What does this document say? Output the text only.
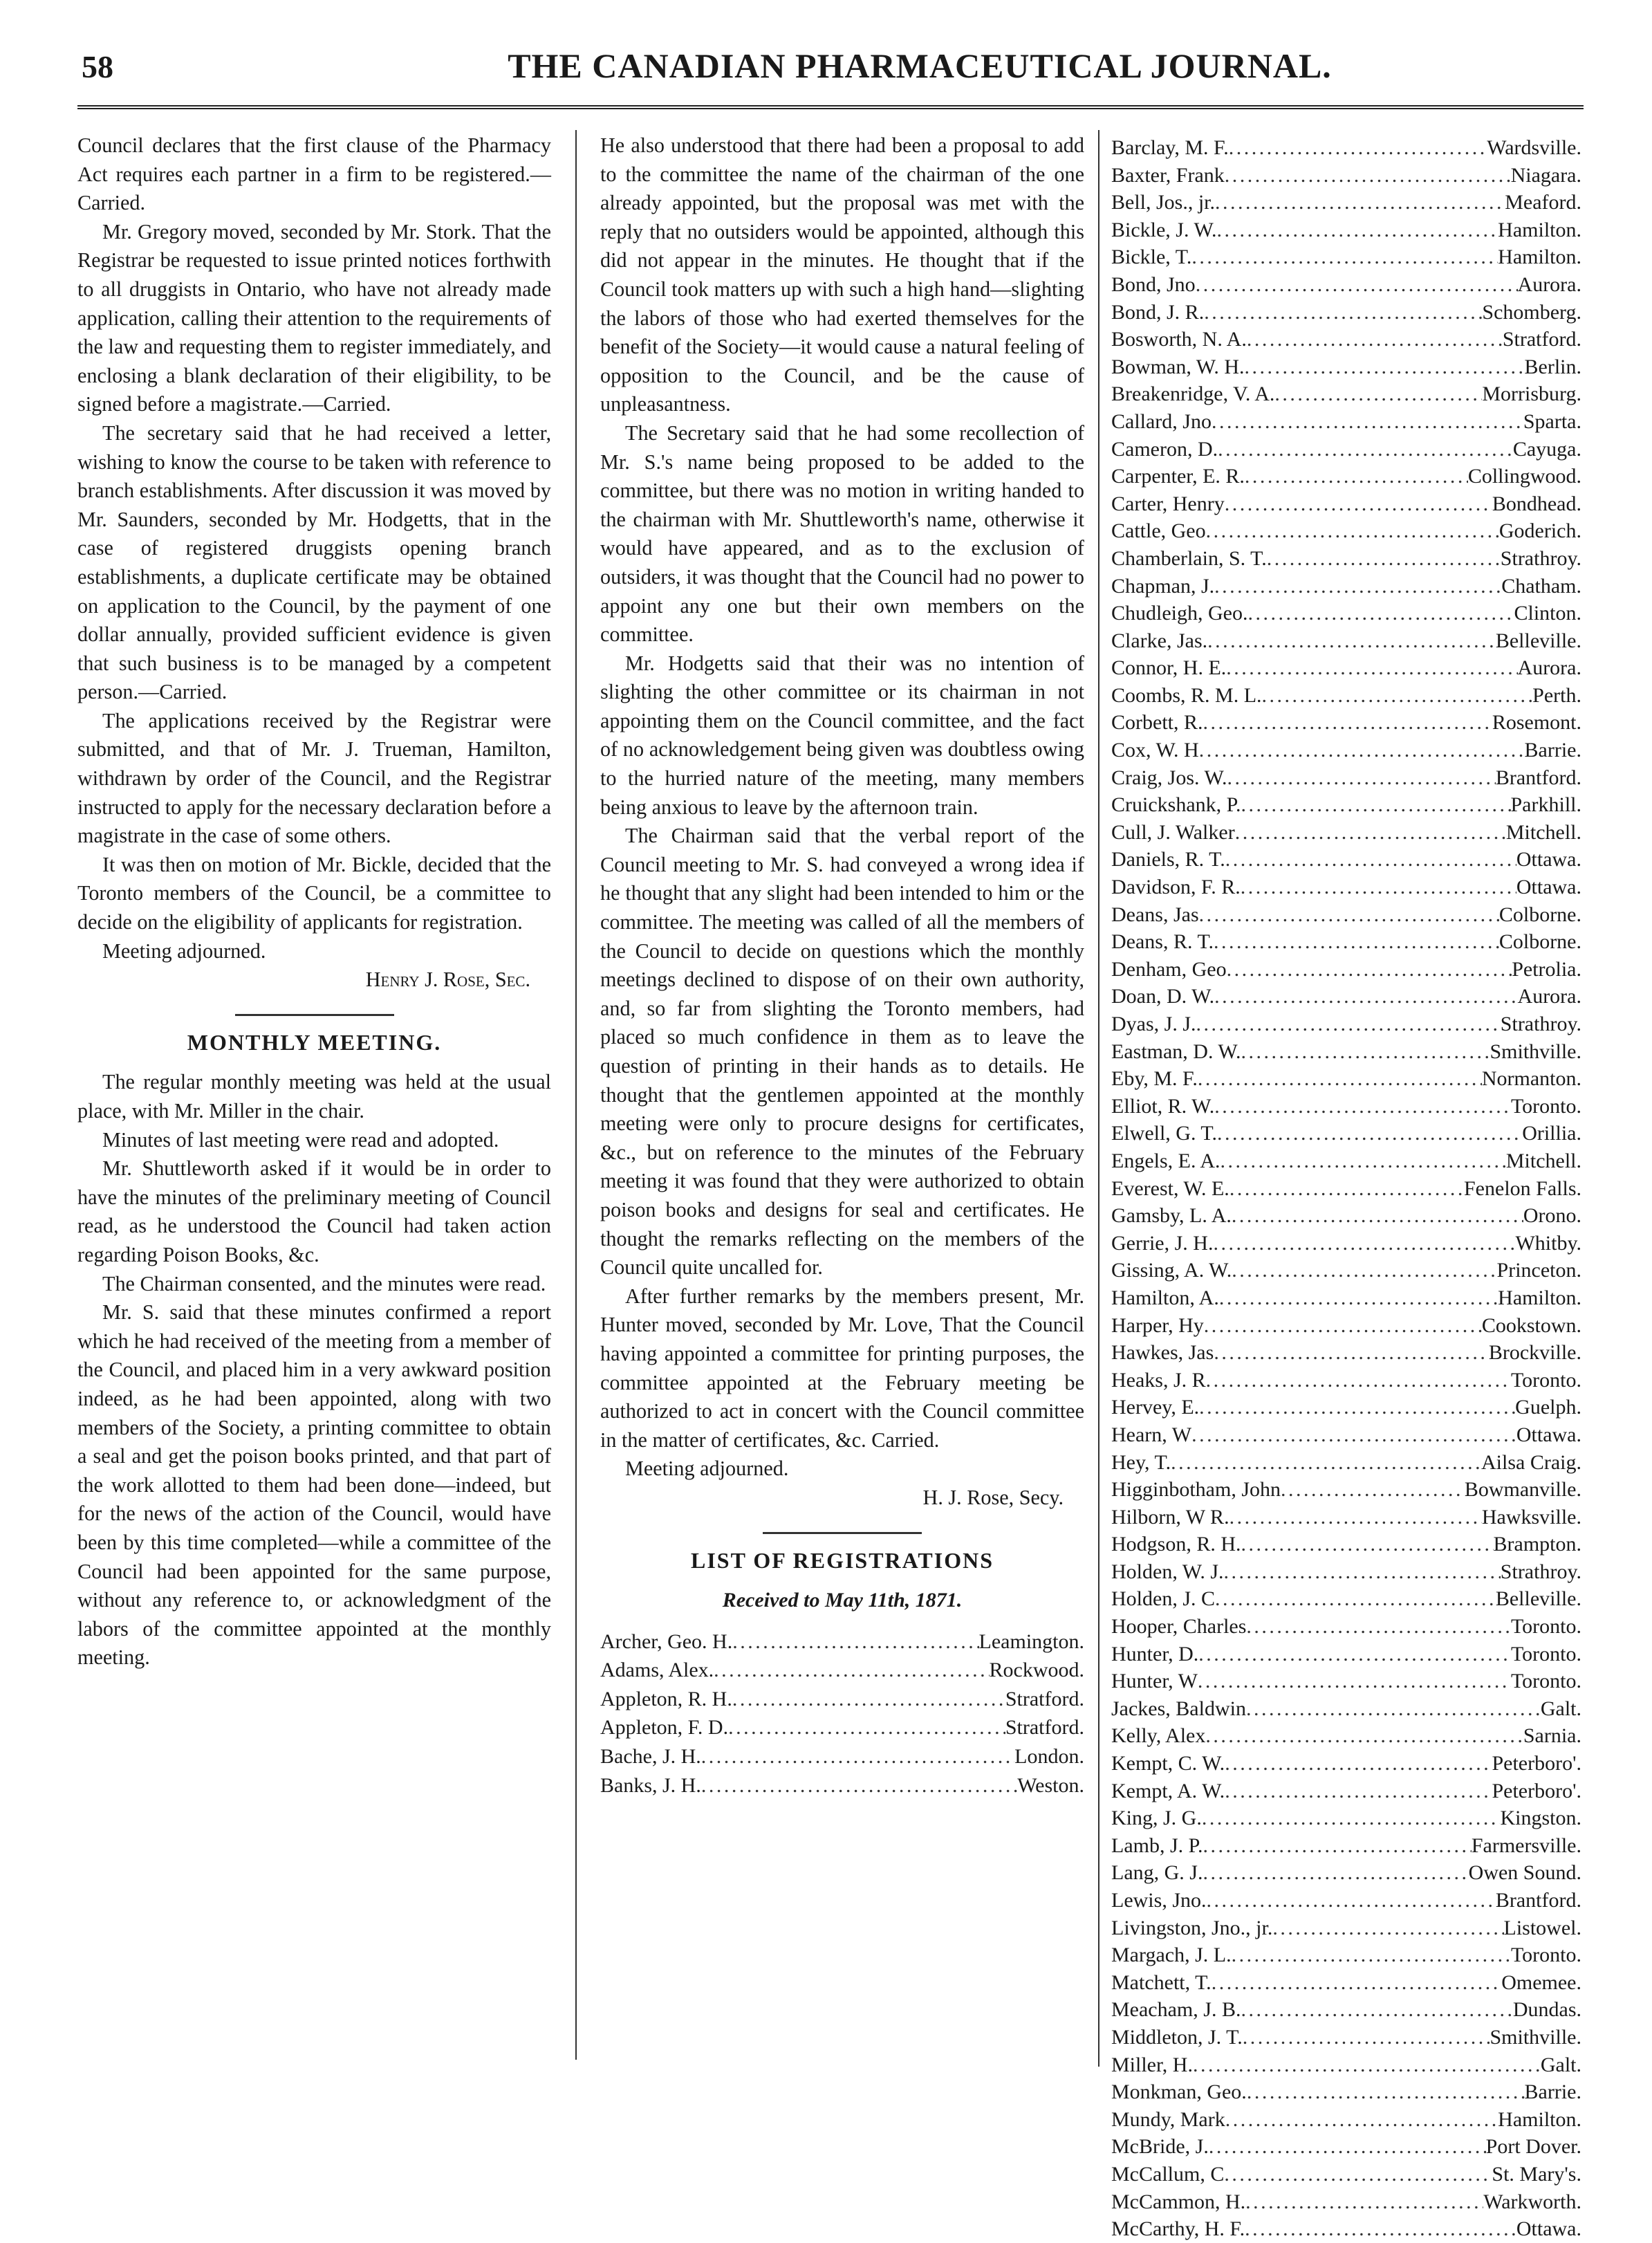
58	THE CANADIAN PHARMACEUTICAL JOURNAL.

Council declares that the first clause of the Pharmacy Act requires each partner in a firm to be registered.—Carried.

Mr. Gregory moved, seconded by Mr. Stork. That the Registrar be requested to issue printed notices forthwith to all druggists in Ontario, who have not already made application, calling their attention to the requirements of the law and requesting them to register immediately, and enclosing a blank declaration of their eligibility, to be signed before a magistrate.—Carried.

The secretary said that he had received a letter, wishing to know the course to be taken with reference to branch establishments. After discussion it was moved by Mr. Saunders, seconded by Mr. Hodgetts, that in the case of registered druggists opening branch establishments, a duplicate certificate may be obtained on application to the Council, by the payment of one dollar annually, provided sufficient evidence is given that such business is to be managed by a competent person.—Carried.

The applications received by the Registrar were submitted, and that of Mr. J. Trueman, Hamilton, withdrawn by order of the Council, and the Registrar instructed to apply for the necessary declaration before a magistrate in the case of some others.

It was then on motion of Mr. Bickle, decided that the Toronto members of the Council, be a committee to decide on the eligibility of applicants for registration.

Meeting adjourned.

Henry J. Rose, Sec.

MONTHLY MEETING.

The regular monthly meeting was held at the usual place, with Mr. Miller in the chair.

Minutes of last meeting were read and adopted.

Mr. Shuttleworth asked if it would be in order to have the minutes of the preliminary meeting of Council read, as he understood the Council had taken action regarding Poison Books, &c.

The Chairman consented, and the minutes were read.

Mr. S. said that these minutes confirmed a report which he had received of the meeting from a member of the Council, and placed him in a very awkward position indeed, as he had been appointed, along with two members of the Society, a printing committee to obtain a seal and get the poison books printed, and that part of the work allotted to them had been done—indeed, but for the news of the action of the Council, would have been by this time completed—while a committee of the Council had been appointed for the same purpose, without any reference to, or acknowledgment of the labors of the committee appointed at the monthly meeting.

He also understood that there had been a proposal to add to the committee the name of the chairman of the one already appointed, but the proposal was met with the reply that no outsiders would be appointed, although this did not appear in the minutes. He thought that if the Council took matters up with such a high hand—slighting the labors of those who had exerted themselves for the benefit of the Society—it would cause a natural feeling of opposition to the Council, and be the cause of unpleasantness.

The Secretary said that he had some recollection of Mr. S.'s name being proposed to be added to the committee, but there was no motion in writing handed to the chairman with Mr. Shuttleworth's name, otherwise it would have appeared, and as to the exclusion of outsiders, it was thought that the Council had no power to appoint any one but their own members on the committee.

Mr. Hodgetts said that their was no intention of slighting the other committee or its chairman in not appointing them on the Council committee, and the fact of no acknowledgement being given was doubtless owing to the hurried nature of the meeting, many members being anxious to leave by the afternoon train.

The Chairman said that the verbal report of the Council meeting to Mr. S. had conveyed a wrong idea if he thought that any slight had been intended to him or the committee. The meeting was called of all the members of the Council to decide on questions which the monthly meetings declined to dispose of on their own authority, and, so far from slighting the Toronto members, had placed so much confidence in them as to leave the question of printing in their hands as to details. He thought that the gentlemen appointed at the monthly meeting were only to procure designs for certificates, &c., but on reference to the minutes of the February meeting it was found that they were authorized to obtain poison books and designs for seal and certificates. He thought the remarks reflecting on the members of the Council quite uncalled for.

After further remarks by the members present, Mr. Hunter moved, seconded by Mr. Love, That the Council having appointed a committee for printing purposes, the committee appointed at the February meeting be authorized to act in concert with the Council committee in the matter of certificates, &c. Carried.

Meeting adjourned.

H. J. Rose, Secy.

LIST OF REGISTRATIONS
Received to May 11th, 1871.
Archer, Geo. H. . . .	Leamington.
Adams, Alex. . . .	Rockwood.
Appleton, R. H. . . .	Stratford.
Appleton, F. D. . . .	Stratford.
Bache, J. H. . . .	London.
Banks, J. H. . . .	Weston.
Barclay, M. F. . . .	Wardsville.
Baxter, Frank . . .	Niagara.
Bell, Jos., jr. . . .	Meaford.
Bickle, J. W. . . .	Hamilton.
Bickle, T. . . .	Hamilton.
Bond, Jno . . .	Aurora.
Bond, J. R. . . .	Schomberg.
Bosworth, N. A. . . .	Stratford.
Bowman, W. H. . . .	Berlin.
Breakenridge, V. A. . . .	Morrisburg.
Callard, Jno . . .	Sparta.
Cameron, D. . . .	Cayuga.
Carpenter, E. R. . . .	Collingwood.
Carter, Henry . . .	Bondhead.
Cattle, Geo . . .	Goderich.
Chamberlain, S. T. . . .	Strathroy.
Chapman, J. . . .	Chatham.
Chudleigh, Geo. . . .	Clinton.
Clarke, Jas. . . .	Belleville.
Connor, H. E. . . .	Aurora.
Coombs, R. M. L. . . .	Perth.
Corbett, R. . . .	Rosemont.
Cox, W. H . . .	Barrie.
Craig, Jos. W. . . .	Brantford.
Cruickshank, P. . . .	Parkhill.
Cull, J. Walker . . .	Mitchell.
Daniels, R. T. . . .	Ottawa.
Davidson, F. R. . . .	Ottawa.
Deans, Jas . . .	Colborne.
Deans, R. T. . . .	Colborne.
Denham, Geo . . .	Petrolia.
Doan, D. W. . . .	Aurora.
Dyas, J. J. . . .	Strathroy.
Eastman, D. W. . . .	Smithville.
Eby, M. F. . . .	Normanton.
Elliot, R. W. . . .	Toronto.
Elwell, G. T. . . .	Orillia.
Engels, E. A. . . .	Mitchell.
Everest, W. E. . . .	Fenelon Falls.
Gamsby, L. A. . . .	Orono.
Gerrie, J. H. . . .	Whitby.
Gissing, A. W. . . .	Princeton.
Hamilton, A. . . .	Hamilton.
Harper, Hy . . .	Cookstown.
Hawkes, Jas . . .	Brockville.
Heaks, J. R . . .	Toronto.
Hervey, E. . . .	Guelph.
Hearn, W . . .	Ottawa.
Hey, T. . . .	Ailsa Craig.
Higginbotham, John . . .	Bowmanville.
Hilborn, W R. . . .	Hawksville.
Hodgson, R. H. . . .	Brampton.
Holden, W. J. . . .	Strathroy.
Holden, J. C . . .	Belleville.
Hooper, Charles . . .	Toronto.
Hunter, D. . . .	Toronto.
Hunter, W . . .	Toronto.
Jackes, Baldwin . . .	Galt.
Kelly, Alex . . .	Sarnia.
Kempt, C. W. . . .	Peterboro'.
Kempt, A. W. . . .	Peterboro'.
King, J. G. . . .	Kingston.
Lamb, J. P. . . .	Farmersville.
Lang, G. J. . . .	Owen Sound.
Lewis, Jno. . . .	Brantford.
Livingston, Jno., jr. . . .	Listowel.
Margach, J. L. . . .	Toronto.
Matchett, T. . . .	Omemee.
Meacham, J. B. . . .	Dundas.
Middleton, J. T. . . .	Smithville.
Miller, H. . . .	Galt.
Monkman, Geo. . . .	Barrie.
Mundy, Mark . . .	Hamilton.
McBride, J. . . .	Port Dover.
McCallum, C . . .	St. Mary's.
McCammon, H. . . .	Warkworth.
McCarthy, H. F. . . .	Ottawa.
